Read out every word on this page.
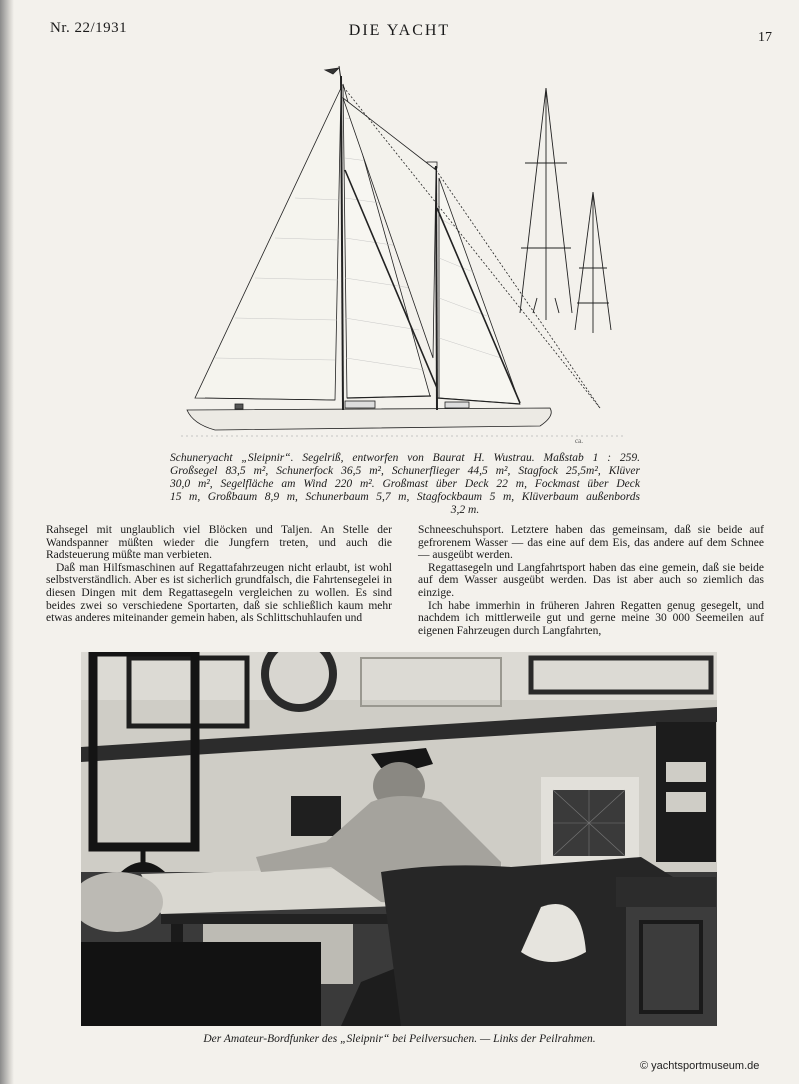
Nr. 22/1931	DIE YACHT	17
ca.

Schuneryacht „Sleipnir“. Segelriß, entworfen von Baurat H. Wustrau. Maßstab 1 : 259.

Großsegel 83,5 m², Schunerfock 36,5 m², Schunerflieger 44,5 m², Stagfock 25,5m², Klüver

30,0 m², Segelfläche am Wind 220 m². Großmast über Deck 22 m, Fockmast über Deck

15 m, Großbaum 8,9 m, Schunerbaum 5,7 m, Stagfockbaum 5 m, Klüverbaum außenbords

3,2 m.

Rahsegel mit unglaublich viel Blöcken und Taljen. An Stelle der Wandspanner müßten wieder die Jungfern treten, und auch die Radsteuerung müßte man verbieten.

Daß man Hilfsmaschinen auf Regattafahrzeugen nicht erlaubt, ist wohl selbstverständlich. Aber es ist sicherlich grundfalsch, die Fahrtensegelei in diesen Dingen mit dem Regattasegeln vergleichen zu wollen. Es sind beides zwei so verschiedene Sportarten, daß sie schließlich kaum mehr etwas anderes miteinander gemein haben, als Schlittschuhlaufen und

Schneeschuhsport. Letztere haben das gemeinsam, daß sie beide auf gefrorenem Wasser — das eine auf dem Eis, das andere auf dem Schnee — ausgeübt werden.

Regattasegeln und Langfahrtsport haben das eine gemein, daß sie beide auf dem Wasser ausgeübt werden. Das ist aber auch so ziemlich das einzige.

Ich habe immerhin in früheren Jahren Regatten genug gesegelt, und nachdem ich mittlerweile gut und gerne meine 30 000 Seemeilen auf eigenen Fahrzeugen durch Langfahrten,

Der Amateur-Bordfunker des „Sleipnir“ bei Peilversuchen. — Links der Peilrahmen.
© yachtsportmuseum.de
